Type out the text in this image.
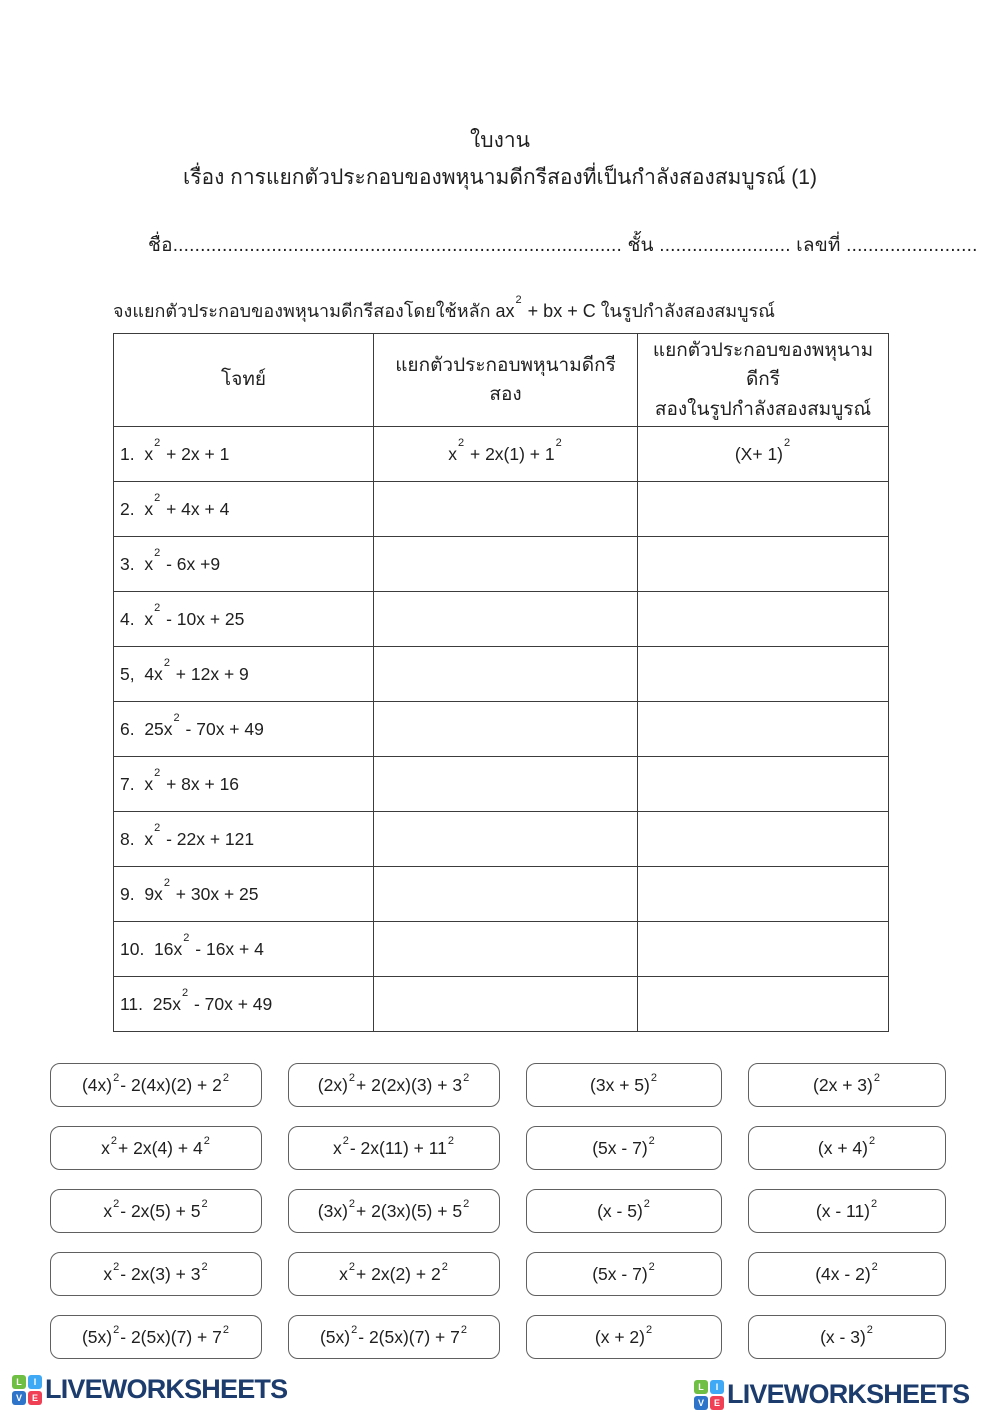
ใบงาน
เรื่อง การแยกตัวประกอบของพหุนามดีกรีสองที่เป็นกำลังสองสมบูรณ์ (1)
ชื่อ.................................................................................. ชั้น ........................ เลขที่ ........................
จงแยกตัวประกอบของพหุนามดีกรีสองโดยใช้หลัก $ax^2$ + bx + C ในรูปกำลังสองสมบูรณ์
โจทย์	แยกตัวประกอบพหุนามดีกรีสอง	แยกตัวประกอบของพหุนามดีกรี
สองในรูปกำลังสองสมบูรณ์
1.  $x^2 + 2x + 1$	$x^2 + 2x(1) + 1^2$	$(X+ 1)^2$
2.  $x^2 + 4x + 4$		
3.  $x^2 - 6x +9$		
4.  $x^2 - 10x + 25$		
5,  $4x^2 + 12x + 9$		
6.  $25x^2 - 70x + 49$		
7.  $x^2 + 8x + 16$		
8.  $x^2 - 22x + 121$		
9.  $9x^2 + 30x + 25$		
10.  $16x^2 - 16x + 4$		
11.  $25x^2 - 70x + 49$		
$(4x)^2 - 2(4x)(2) + 2^2$	$(2x)^2 + 2(2x)(3) + 3^2$	$(3x + 5)^2$	$(2x + 3)^2$
$x^2 + 2x(4) + 4^2$	$x^2 - 2x(11) + 11^2$	(5x - 7)$^2$	$(x + 4)^2$
$x^2 - 2x(5) + 5^2$	$(3x)^2 + 2(3x)(5) + 5^2$	(x - 5)$^2$	(x - 11)$^2$
$x^2 - 2x(3) + 3^2$	$x^2 + 2x(2) + 2^2$	(5x - 7)$^2$	(4x - 2)$^2$
$(5x)^2 - 2(5x)(7) + 7^2$	$(5x)^2 - 2(5x)(7) + 7^2$	$(x + 2)^2$	(x - 3)$^2$
L	I
V	E LIVEWORKSHEETS	L	I
V	E LIVEWORKSHEETS
